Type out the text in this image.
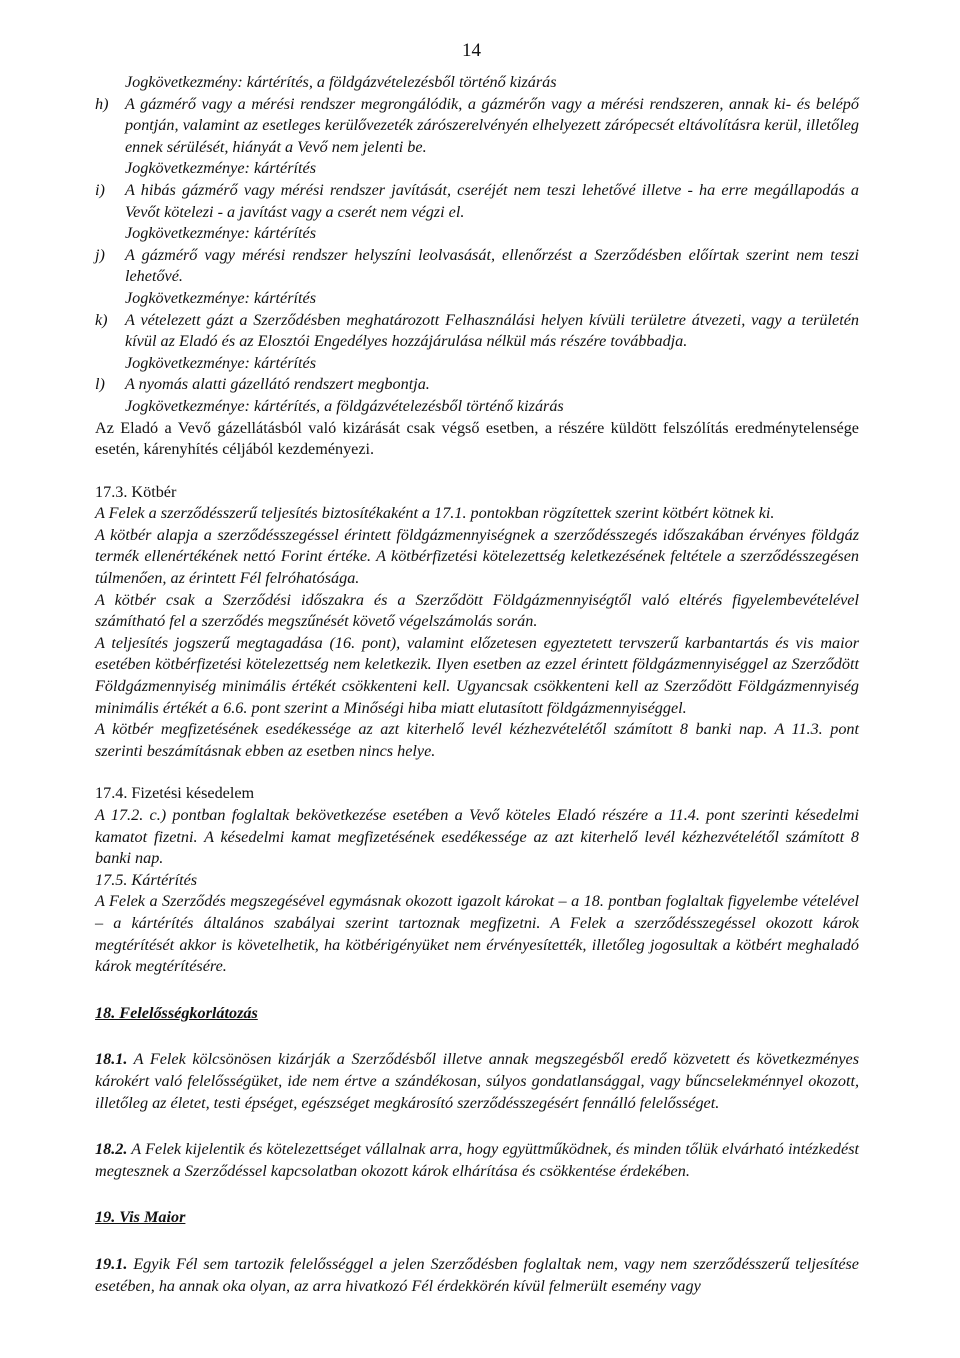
14

Jogkövetkezmény: kártérítés, a földgázvételezésből történő kizárás

h)	A gázmérő vagy a mérési rendszer megrongálódik, a gázmérőn vagy a mérési rendszeren, annak ki- és belépő pontján, valamint az esetleges kerülővezeték zárószerelvényén elhelyezett zárópecsét eltávolításra kerül, illetőleg ennek sérülését, hiányát a Vevő nem jelenti be.

Jogkövetkezménye: kártérítés

i)	A hibás gázmérő vagy mérési rendszer javítását, cseréjét nem teszi lehetővé illetve - ha erre megállapodás a Vevőt kötelezi - a javítást vagy a cserét nem végzi el.

Jogkövetkezménye: kártérítés

j)	A gázmérő vagy mérési rendszer helyszíni leolvasását, ellenőrzést a Szerződésben előírtak szerint nem teszi lehetővé.

Jogkövetkezménye: kártérítés

k)	A vételezett gázt a Szerződésben meghatározott Felhasználási helyen kívüli területre átvezeti, vagy a területén kívül az Eladó és az Elosztói Engedélyes hozzájárulása nélkül más részére továbbadja.

Jogkövetkezménye: kártérítés

l)	A nyomás alatti gázellátó rendszert megbontja.

Jogkövetkezménye: kártérítés, a földgázvételezésből történő kizárás

Az Eladó a Vevő gázellátásból való kizárását csak végső esetben, a részére küldött felszólítás eredménytelensége esetén, kárenyhítés céljából kezdeményezi.

17.3. Kötbér

A Felek a szerződésszerű teljesítés biztosítékaként a 17.1. pontokban rögzítettek szerint kötbért kötnek ki.

A kötbér alapja a szerződésszegéssel érintett földgázmennyiségnek a szerződésszegés időszakában érvényes földgáz termék ellenértékének nettó Forint értéke. A kötbérfizetési kötelezettség keletkezésének feltétele a szerződésszegésen túlmenően, az érintett Fél felróhatósága.

A kötbér csak a Szerződési időszakra és a Szerződött Földgázmennyiségtől való eltérés figyelembevételével számítható fel a szerződés megszűnését követő végelszámolás során.

A teljesítés jogszerű megtagadása (16. pont), valamint előzetesen egyeztetett tervszerű karbantartás és vis maior esetében kötbérfizetési kötelezettség nem keletkezik. Ilyen esetben az ezzel érintett földgázmennyiséggel az Szerződött Földgázmennyiség minimális értékét csökkenteni kell. Ugyancsak csökkenteni kell az Szerződött Földgázmennyiség minimális értékét a 6.6. pont szerint a Minőségi hiba miatt elutasított földgázmennyiséggel.

A kötbér megfizetésének esedékessége az azt kiterhelő levél kézhezvételétől számított 8 banki nap. A 11.3. pont szerinti beszámításnak ebben az esetben nincs helye.

17.4. Fizetési késedelem

A 17.2. c.) pontban foglaltak bekövetkezése esetében a Vevő köteles Eladó részére a 11.4. pont szerinti késedelmi kamatot fizetni. A késedelmi kamat megfizetésének esedékessége az azt kiterhelő levél kézhezvételétől számított 8 banki nap.

17.5. Kártérítés

A Felek a Szerződés megszegésével egymásnak okozott igazolt károkat – a 18. pontban foglaltak figyelembe vételével – a kártérítés általános szabályai szerint tartoznak megfizetni. A Felek a szerződésszegéssel okozott károk megtérítését akkor is követelhetik, ha kötbérigényüket nem érvényesítették, illetőleg jogosultak a kötbért meghaladó károk megtérítésére.

18. Felelősségkorlátozás

18.1. A Felek kölcsönösen kizárják a Szerződésből illetve annak megszegésből eredő közvetett és következményes károkért való felelősségüket, ide nem értve a szándékosan, súlyos gondatlansággal, vagy bűncselekménnyel okozott, illetőleg az életet, testi épséget, egészséget megkárosító szerződésszegésért fennálló felelősséget.

18.2. A Felek kijelentik és kötelezettséget vállalnak arra, hogy együttműködnek, és minden tőlük elvárható intézkedést megtesznek a Szerződéssel kapcsolatban okozott károk elhárítása és csökkentése érdekében.

19. Vis Maior

19.1. Egyik Fél sem tartozik felelősséggel a jelen Szerződésben foglaltak nem, vagy nem szerződésszerű teljesítése esetében, ha annak oka olyan, az arra hivatkozó Fél érdekkörén kívül felmerült esemény vagy
